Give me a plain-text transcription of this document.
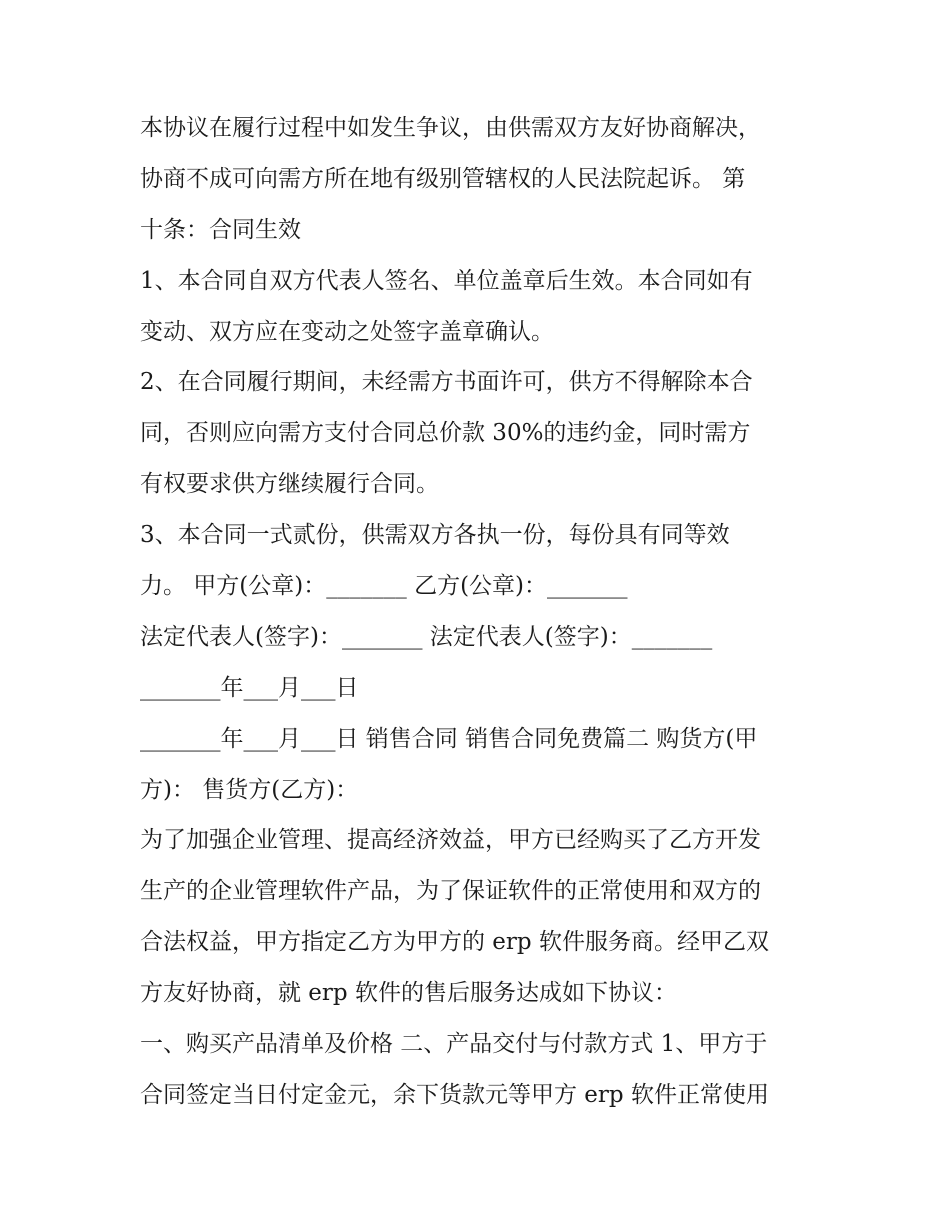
本协议在履行过程中如发生争议，由供需双方友好协商解决，
协商不成可向需方所在地有级别管辖权的人民法院起诉。 第
十条：合同生效
1、本合同自双方代表人签名、单位盖章后生效。本合同如有
变动、双方应在变动之处签字盖章确认。
2、在合同履行期间，未经需方书面许可，供方不得解除本合
同，否则应向需方支付合同总价款 30%的违约金，同时需方
有权要求供方继续履行合同。
3、本合同一式贰份，供需双方各执一份，每份具有同等效
力。 甲方(公章)：_______ 乙方(公章)：_______
法定代表人(签字)：_______ 法定代表人(签字)：_______
_______年___月___日
_______年___月___日 销售合同 销售合同免费篇二 购货方(甲
方)： 售货方(乙方)：
为了加强企业管理、提高经济效益，甲方已经购买了乙方开发
生产的企业管理软件产品，为了保证软件的正常使用和双方的
合法权益，甲方指定乙方为甲方的 erp 软件服务商。经甲乙双
方友好协商，就 erp 软件的售后服务达成如下协议：
一、购买产品清单及价格 二、产品交付与付款方式 1、甲方于
合同签定当日付定金元，余下货款元等甲方 erp 软件正常使用
